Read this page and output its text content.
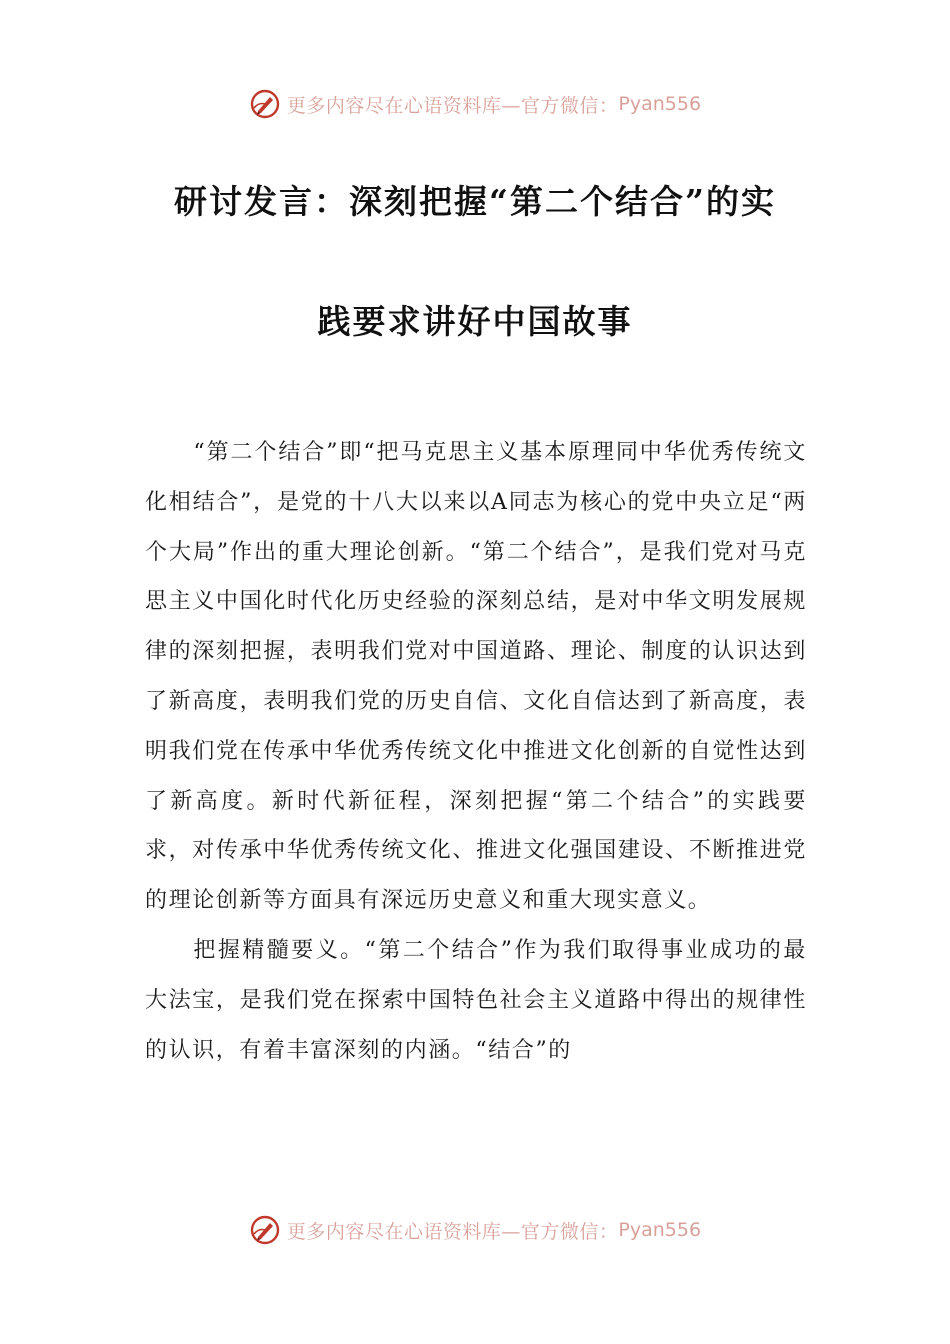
更多内容尽在心语资料库—官方微信： Pyan556
研讨发言：深刻把握“第二个结合”的实
践要求讲好中国故事

“第二个结合”即“把马克思主义基本原理同中华优秀传统文化相结合”，是党的十八大以来以A同志为核心的党中央立足“两个大局”作出的重大理论创新。“第二个结合”，是我们党对马克思主义中国化时代化历史经验的深刻总结，是对中华文明发展规律的深刻把握，表明我们党对中国道路、理论、制度的认识达到了新高度，表明我们党的历史自信、文化自信达到了新高度，表明我们党在传承中华优秀传统文化中推进文化创新的自觉性达到了新高度。新时代新征程，深刻把握“第二个结合”的实践要求，对传承中华优秀传统文化、推进文化强国建设、不断推进党的理论创新等方面具有深远历史意义和重大现实意义。

把握精髓要义。“第二个结合”作为我们取得事业成功的最大法宝，是我们党在探索中国特色社会主义道路中得出的规律性的认识，有着丰富深刻的内涵。“结合”的

更多内容尽在心语资料库—官方微信： Pyan556
